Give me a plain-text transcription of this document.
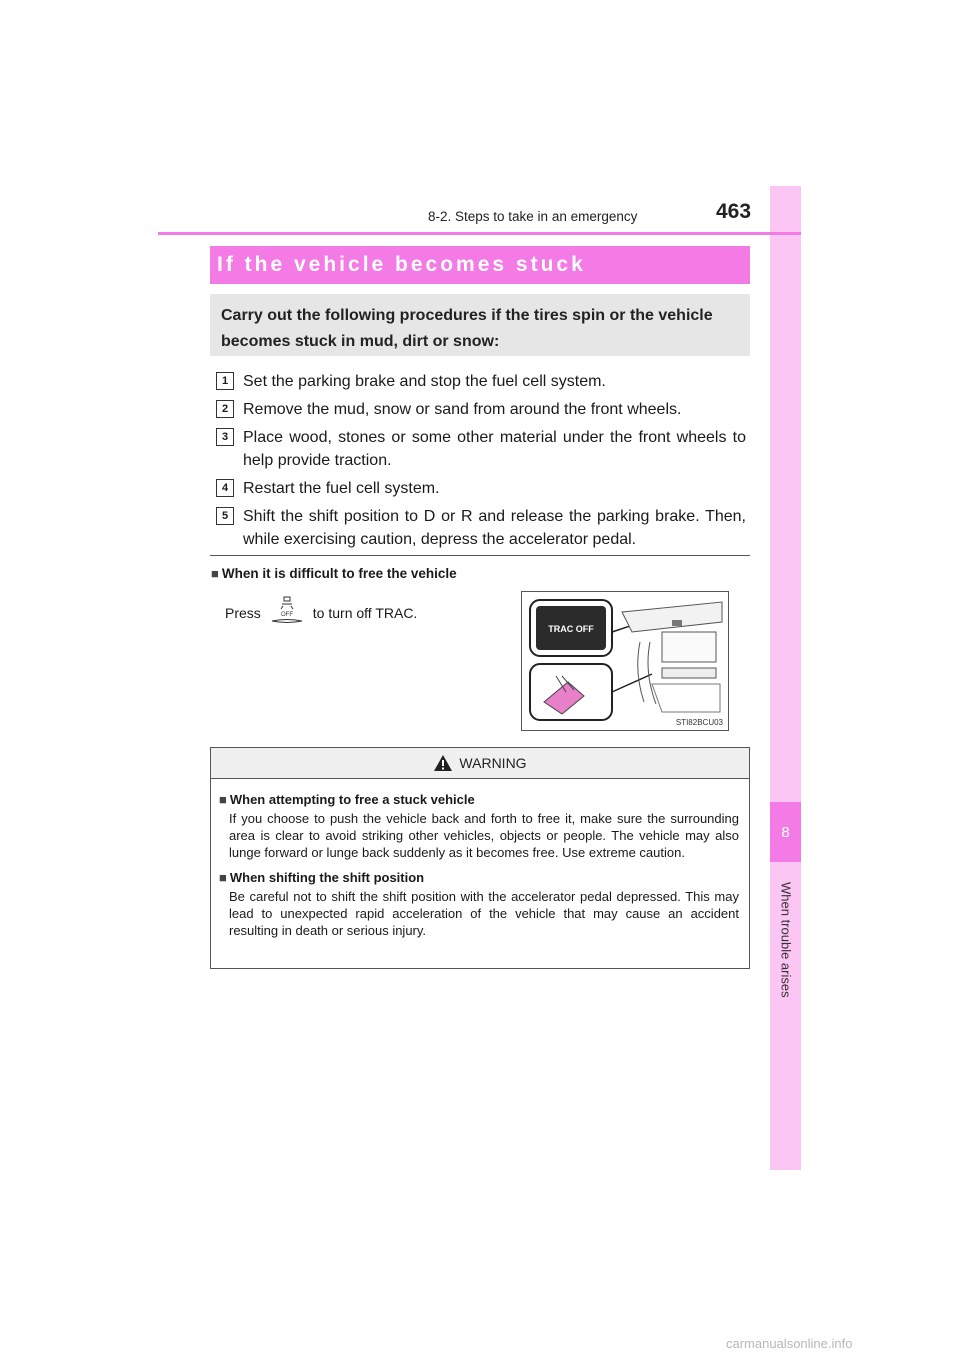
8
When trouble arises
8-2. Steps to take in an emergency	463
If the vehicle becomes stuck
Carry out the following procedures if the tires spin or the vehicle becomes stuck in mud, dirt or snow:
1 Set the parking brake and stop the fuel cell system.
2 Remove the mud, snow or sand from around the front wheels.
3 Place wood, stones or some other material under the front wheels to help provide traction.
4 Restart the fuel cell system.
5 Shift the shift position to D or R and release the parking brake. Then, while exercising caution, depress the accelerator pedal.
■ When it is difficult to free the vehicle
Press	OFF to turn off TRAC.
TRAC OFF
STI82BCU03
WARNING
■ When attempting to free a stuck vehicle
If you choose to push the vehicle back and forth to free it, make sure the surrounding area is clear to avoid striking other vehicles, objects or people. The vehicle may also lunge forward or lunge back suddenly as it becomes free. Use extreme caution.
■ When shifting the shift position
Be careful not to shift the shift position with the accelerator pedal depressed. This may lead to unexpected rapid acceleration of the vehicle that may cause an accident resulting in death or serious injury.
carmanualsonline.info
